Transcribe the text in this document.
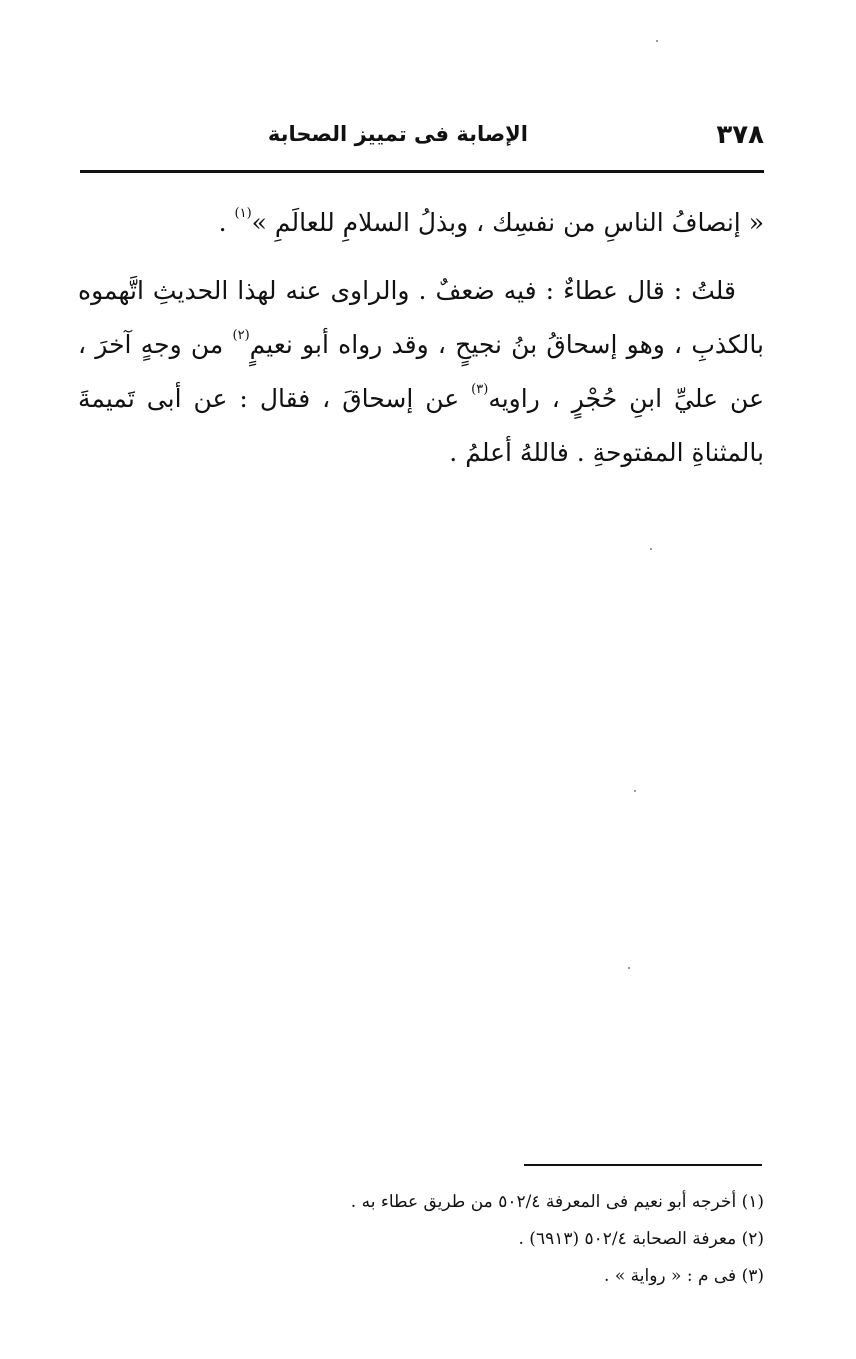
٣٧٨
الإصابة فى تمييز الصحابة

« إنصافُ الناسِ من نفسِك ، وبذلُ السلامِ للعالَمِ »$^{(١)}$ .

قلتُ : قال عطاءٌ : فيه ضعفٌ . والراوى عنه لهذا الحديثِ اتَّهموه بالكذبِ ، وهو إسحاقُ بنُ نجيحٍ ، وقد رواه أبو نعيمٍ$^{(٢)}$ من وجهٍ آخرَ ، عن عليِّ ابنِ حُجْرٍ ، راويه$^{(٣)}$ عن إسحاقَ ، فقال : عن أبى تَميمةَ بالمثناةِ المفتوحةِ . فاللهُ أعلمُ .

(١) أخرجه أبو نعيم فى المعرفة ٥٠٢/٤ من طريق عطاء به .

(٢) معرفة الصحابة ٥٠٢/٤ (٦٩١٣) .

(٣) فى م : « رواية » .
